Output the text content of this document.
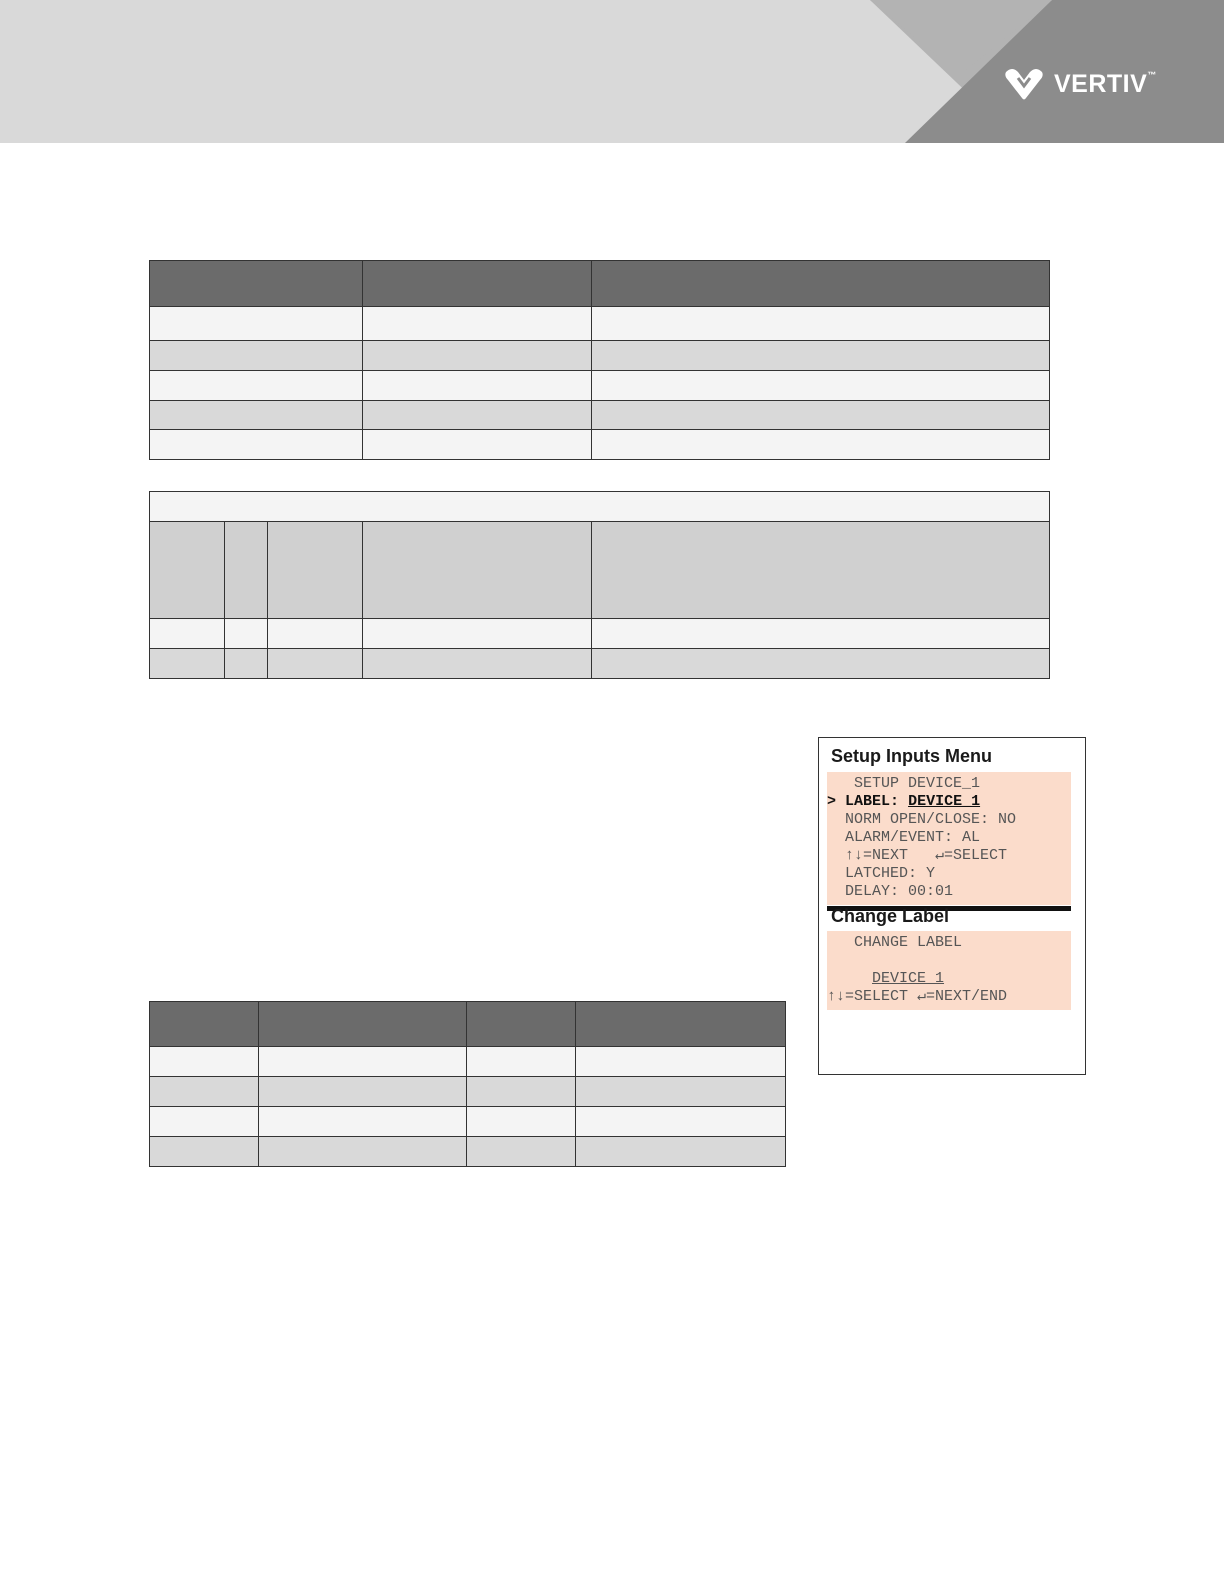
VERTIV™

Setup Inputs Menu
SETUP DEVICE_1
> LABEL: DEVICE_1
NORM OPEN/CLOSE: NO
ALARM/EVENT: AL
↑↓=NEXT   ↵=SELECT
LATCHED: Y
DELAY: 00:01
Change Label
CHANGE LABEL
DEVICE 1
↑↓=SELECT ↵=NEXT/END
